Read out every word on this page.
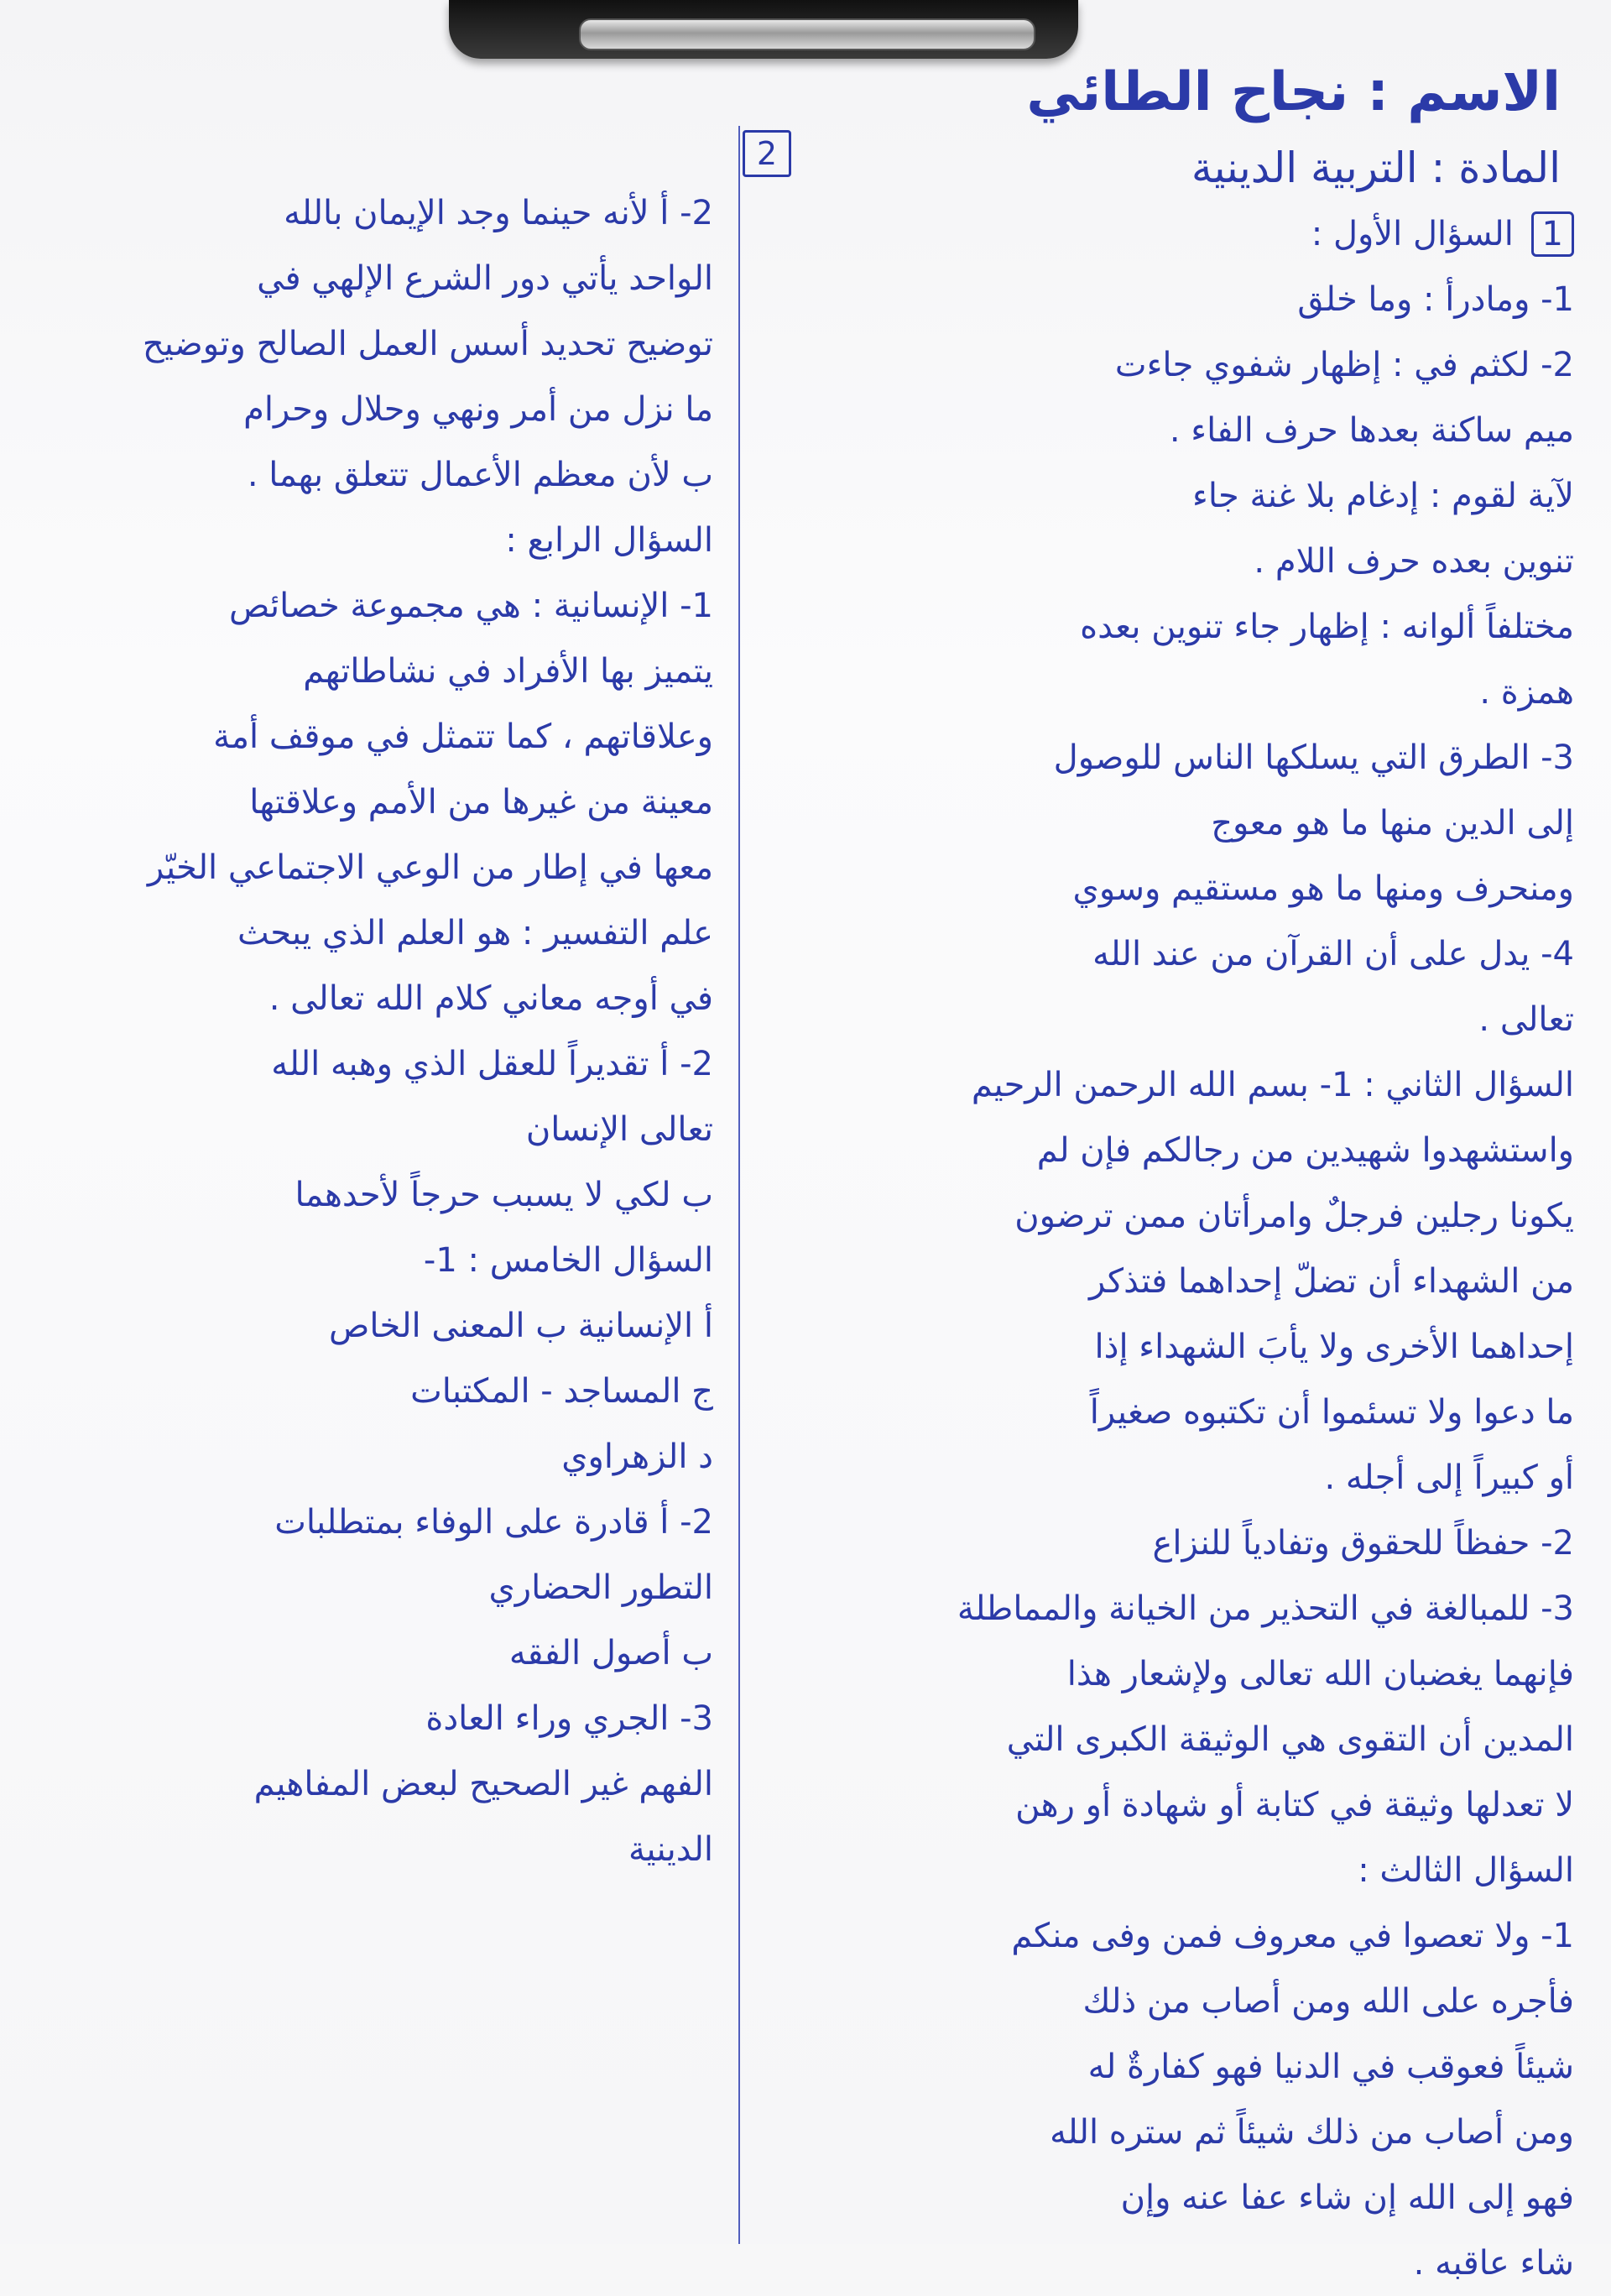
الاسم : نجاح الطائي
المادة : التربية الدينية
2
1 السؤال الأول :
1- ومادرأ : وما خلق
2- لكثم في : إظهار شفوي جاءت
ميم ساكنة بعدها حرف الفاء .
لآية لقوم : إدغام بلا غنة جاء
تنوين بعده حرف اللام .
مختلفاً ألوانه : إظهار جاء تنوين بعده
همزة .
3- الطرق التي يسلكها الناس للوصول
إلى الدين منها ما هو معوج
ومنحرف ومنها ما هو مستقيم وسوي
4- يدل على أن القرآن من عند الله
تعالى .
السؤال الثاني : 1- بسم الله الرحمن الرحيم
واستشهدوا شهيدين من رجالكم فإن لم
يكونا رجلين فرجلٌ وامرأتان ممن ترضون
من الشهداء أن تضلّ إحداهما فتذكر
إحداهما الأخرى ولا يأبَ الشهداء إذا
ما دعوا ولا تسئموا أن تكتبوه صغيراً
أو كبيراً إلى أجله .
2- حفظاً للحقوق وتفادياً للنزاع
3- للمبالغة في التحذير من الخيانة والمماطلة
فإنهما يغضبان الله تعالى ولإشعار هذا
المدين أن التقوى هي الوثيقة الكبرى التي
لا تعدلها وثيقة في كتابة أو شهادة أو رهن
السؤال الثالث :
1- ولا تعصوا في معروف فمن وفى منكم
فأجره على الله ومن أصاب من ذلك
شيئاً فعوقب في الدنيا فهو كفارةٌ له
ومن أصاب من ذلك شيئاً ثم ستره الله
فهو إلى الله إن شاء عفا عنه وإن
شاء عاقبه .
2- أ لأنه حينما وجد الإيمان بالله
الواحد يأتي دور الشرع الإلهي في
توضيح تحديد أسس العمل الصالح وتوضيح
ما نزل من أمر ونهي وحلال وحرام
ب لأن معظم الأعمال تتعلق بهما .
السؤال الرابع :
1- الإنسانية : هي مجموعة خصائص
يتميز بها الأفراد في نشاطاتهم
وعلاقاتهم ، كما تتمثل في موقف أمة
معينة من غيرها من الأمم وعلاقتها
معها في إطار من الوعي الاجتماعي الخيّر
علم التفسير : هو العلم الذي يبحث
في أوجه معاني كلام الله تعالى .
2- أ تقديراً للعقل الذي وهبه الله
تعالى الإنسان
ب لكي لا يسبب حرجاً لأحدهما
السؤال الخامس : 1-
أ الإنسانية ب المعنى الخاص
ج المساجد - المكتبات
د الزهراوي
2- أ قادرة على الوفاء بمتطلبات
التطور الحضاري
ب أصول الفقه
3- الجري وراء العادة
الفهم غير الصحيح لبعض المفاهيم
الدينية
